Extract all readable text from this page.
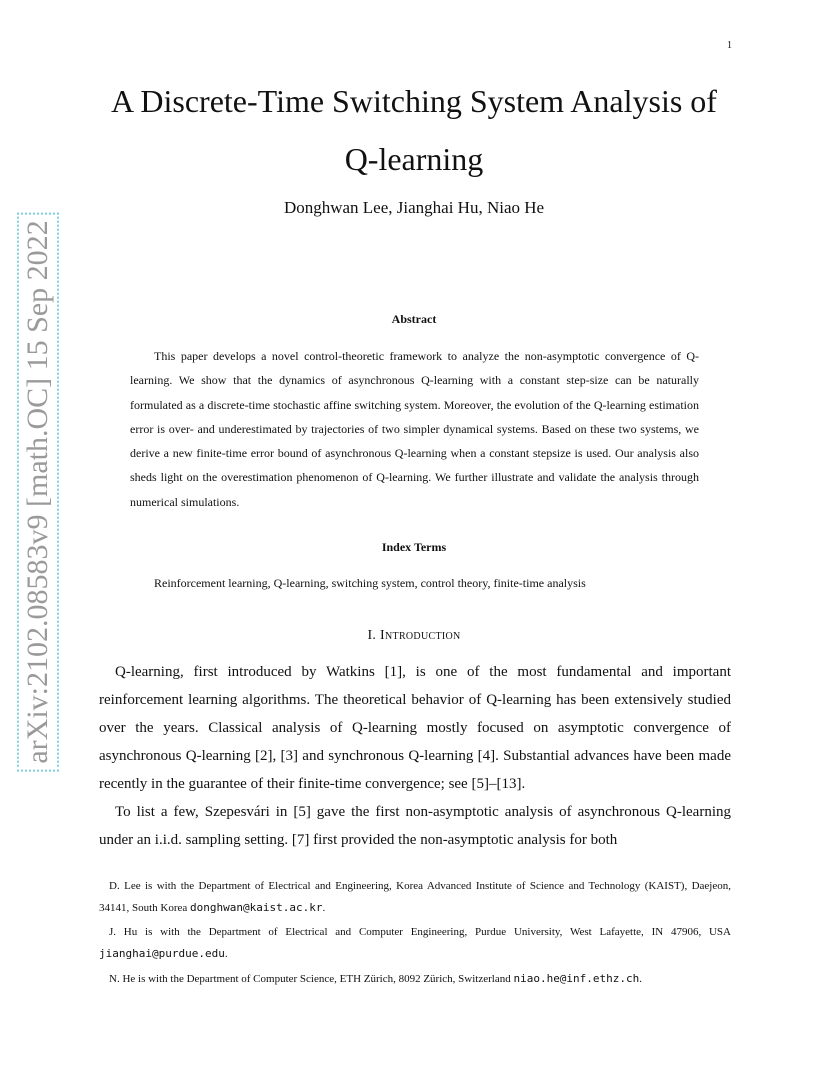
1
arXiv:2102.08583v9 [math.OC] 15 Sep 2022
A Discrete-Time Switching System Analysis of
Q-learning
Donghwan Lee, Jianghai Hu, Niao He
Abstract

This paper develops a novel control-theoretic framework to analyze the non-asymptotic convergence of Q-learning. We show that the dynamics of asynchronous Q-learning with a constant step-size can be naturally formulated as a discrete-time stochastic affine switching system. Moreover, the evolution of the Q-learning estimation error is over- and underestimated by trajectories of two simpler dynamical systems. Based on these two systems, we derive a new finite-time error bound of asynchronous Q-learning when a constant stepsize is used. Our analysis also sheds light on the overestimation phenomenon of Q-learning. We further illustrate and validate the analysis through numerical simulations.

Index Terms
Reinforcement learning, Q-learning, switching system, control theory, finite-time analysis
I. Introduction

Q-learning, first introduced by Watkins [1], is one of the most fundamental and important reinforcement learning algorithms. The theoretical behavior of Q-learning has been extensively studied over the years. Classical analysis of Q-learning mostly focused on asymptotic convergence of asynchronous Q-learning [2], [3] and synchronous Q-learning [4]. Substantial advances have been made recently in the guarantee of their finite-time convergence; see [5]–[13].

To list a few, Szepesvári in [5] gave the first non-asymptotic analysis of asynchronous Q-learning under an i.i.d. sampling setting. [7] first provided the non-asymptotic analysis for both

D. Lee is with the Department of Electrical and Engineering, Korea Advanced Institute of Science and Technology (KAIST), Daejeon, 34141, South Korea donghwan@kaist.ac.kr.

J. Hu is with the Department of Electrical and Computer Engineering, Purdue University, West Lafayette, IN 47906, USA jianghai@purdue.edu.

N. He is with the Department of Computer Science, ETH Zürich, 8092 Zürich, Switzerland niao.he@inf.ethz.ch.
